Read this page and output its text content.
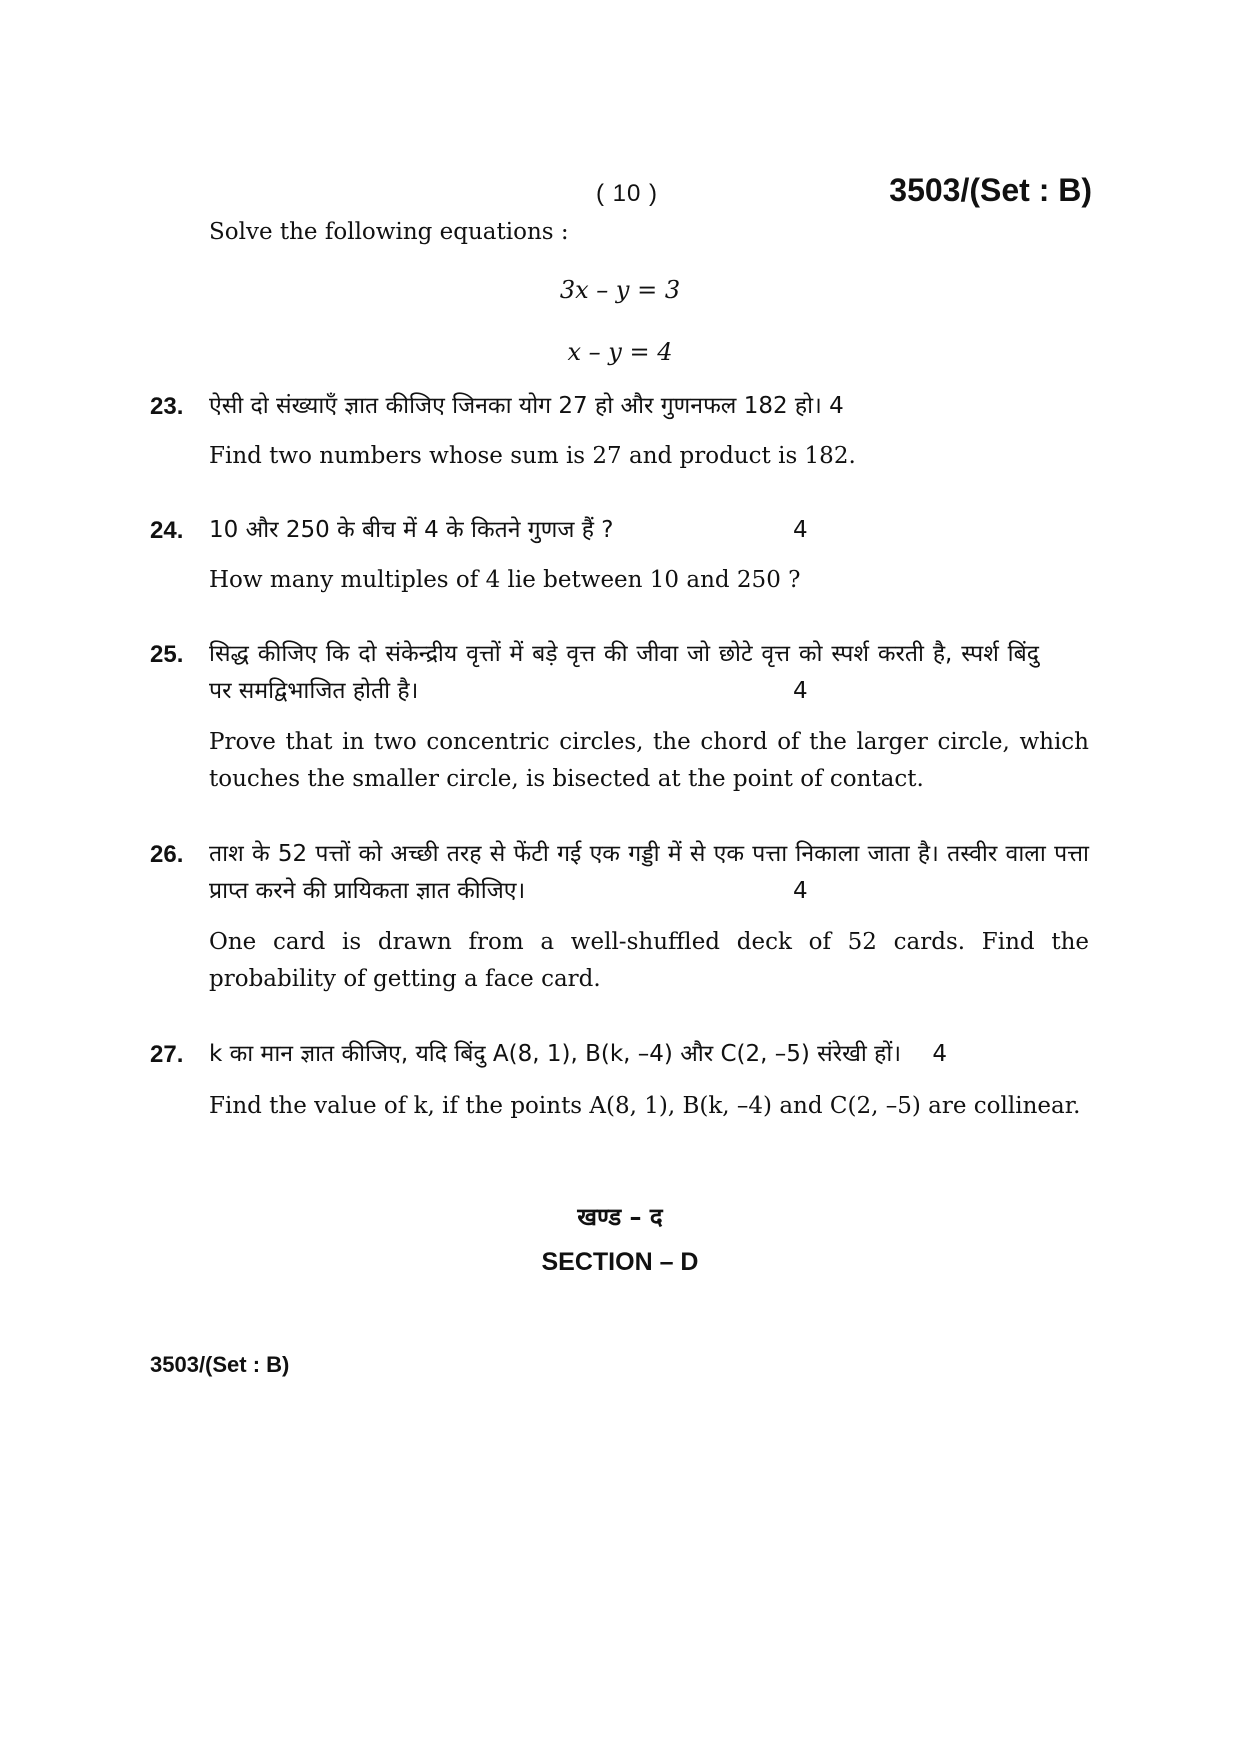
( 10 )	3503/(Set : B)
Solve the following equations :
3x – y = 3
x – y = 4
23. ऐसी दो संख्याएँ ज्ञात कीजिए जिनका योग 27 हो और गुणनफल 182 हो। 4
Find two numbers whose sum is 27 and product is 182.
24. 10 और 250 के बीच में 4 के कितने गुणज हैं ?	4
How many multiples of 4 lie between 10 and 250 ?
25. सिद्ध कीजिए कि दो संकेन्द्रीय वृत्तों में बड़े वृत्त की जीवा जो छोटे वृत्त को स्पर्श करती है, स्पर्श बिंदु पर समद्विभाजित होती है।	4
Prove that in two concentric circles, the chord of the larger circle, which touches the smaller circle, is bisected at the point of contact.
26. ताश के 52 पत्तों को अच्छी तरह से फेंटी गई एक गड्डी में से एक पत्ता निकाला जाता है। तस्वीर वाला पत्ता प्राप्त करने की प्रायिकता ज्ञात कीजिए।	4
One card is drawn from a well-shuffled deck of 52 cards. Find the probability of getting a face card.
27. k का मान ज्ञात कीजिए, यदि बिंदु A(8, 1), B(k, –4) और C(2, –5) संरेखी हों। 4
Find the value of k, if the points A(8, 1), B(k, –4) and C(2, –5) are collinear.
खण्ड – द
SECTION – D
3503/(Set : B)
